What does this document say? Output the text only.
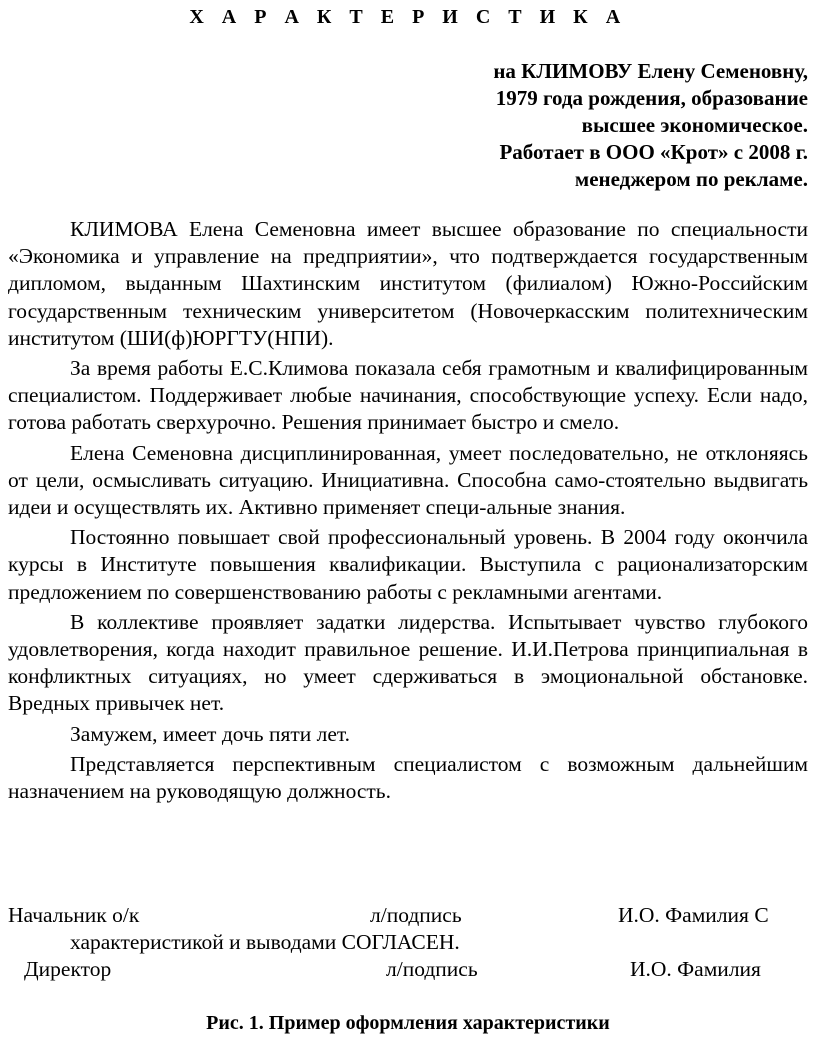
Х А Р А К Т Е Р И С Т И К А
на КЛИМОВУ Елену Семеновну,
1979 года рождения, образование
высшее экономическое.
Работает в ООО «Крот» с 2008 г.
менеджером по рекламе.

КЛИМОВА Елена Семеновна имеет высшее образование по специальности «Экономика и управление на предприятии», что подтверждается государственным дипломом, выданным Шахтинским институтом (филиалом) Южно-Российским государственным техническим университетом (Новочеркасским политехническим институтом (ШИ(ф)ЮРГТУ(НПИ).

За время работы Е.С.Климова показала себя грамотным и квалифицированным специалистом. Поддерживает любые начинания, способствующие успеху. Если надо, готова работать сверхурочно. Решения принимает быстро и смело.

Елена Семеновна дисциплинированная, умеет последовательно, не отклоняясь от цели, осмысливать ситуацию. Инициативна. Способна само-стоятельно выдвигать идеи и осуществлять их. Активно применяет специ-альные знания.

Постоянно повышает свой профессиональный уровень. В 2004 году окончила курсы в Институте повышения квалификации. Выступила с рационализаторским предложением по совершенствованию работы с рекламными агентами.

В коллективе проявляет задатки лидерства. Испытывает чувство глубокого удовлетворения, когда находит правильное решение. И.И.Петрова принципиальная в конфликтных ситуациях, но умеет сдерживаться в эмоциональной обстановке. Вредных привычек нет.

Замужем, имеет дочь пяти лет.

Представляется перспективным специалистом с возможным дальнейшим назначением на руководящую должность.

Начальник о/к	л/подпись	И.О. Фамилия С
характеристикой и выводами СОГЛАСЕН.
Директор	л/подпись	И.О. Фамилия
Рис. 1. Пример оформления характеристики
